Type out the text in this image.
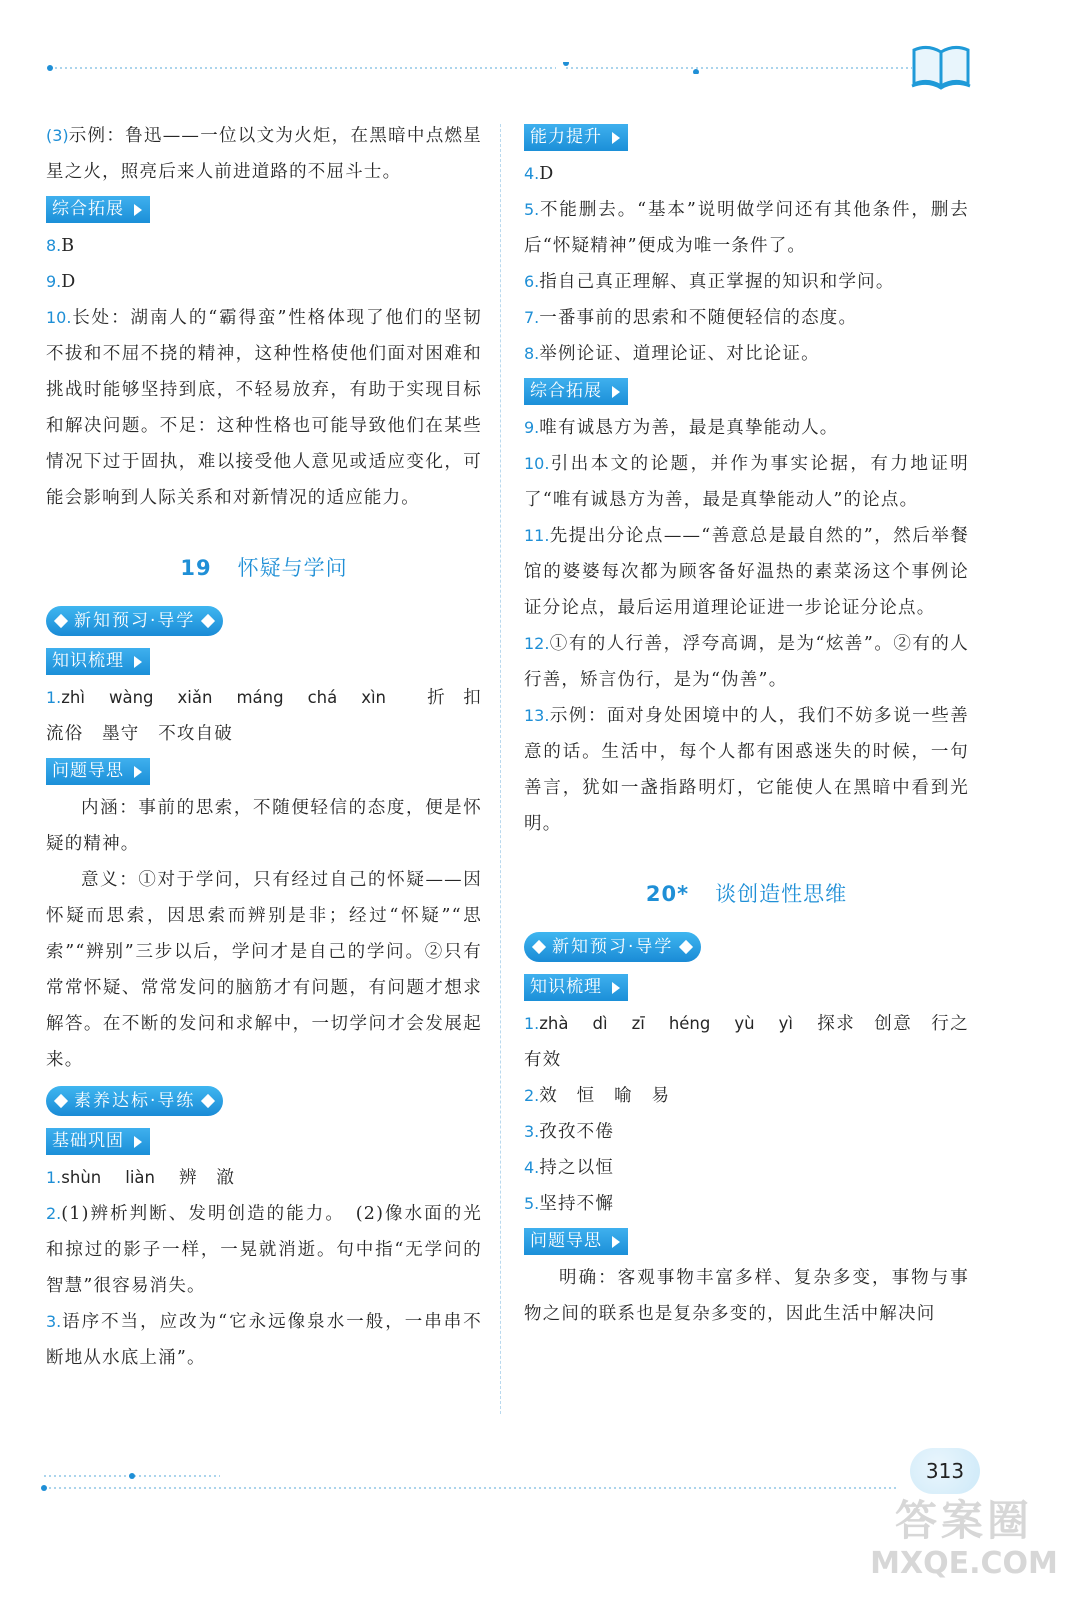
(3)示例：鲁迅——一位以文为火炬，在黑暗中点燃星星之火，照亮后来人前进道路的不屈斗士。

综合拓展

8.B

9.D

10.长处：湖南人的“霸得蛮”性格体现了他们的坚韧不拔和不屈不挠的精神，这种性格使他们面对困难和挑战时能够坚持到底，不轻易放弃，有助于实现目标和解决问题。不足：这种性格也可能导致他们在某些情况下过于固执，难以接受他人意见或适应变化，可能会影响到人际关系和对新情况的适应能力。

19 怀疑与学问
新知预习·导学

知识梳理

1.zhì wàng xiǎn máng chá xìn 折扣　流俗　墨守　不攻自破

问题导思

内涵：事前的思索，不随便轻信的态度，便是怀疑的精神。

意义：①对于学问，只有经过自己的怀疑——因怀疑而思索，因思索而辨别是非；经过“怀疑”“思索”“辨别”三步以后，学问才是自己的学问。②只有常常怀疑、常常发问的脑筋才有问题，有问题才想求解答。在不断的发问和求解中，一切学问才会发展起来。

素养达标·导练

基础巩固

1.shùn liàn 辨　澈

2.(1)辨析判断、发明创造的能力。　(2)像水面的光和掠过的影子一样，一晃就消逝。句中指“无学问的智慧”很容易消失。

3.语序不当，应改为“它永远像泉水一般，一串串不断地从水底上涌”。

能力提升

4.D

5.不能删去。“基本”说明做学问还有其他条件，删去后“怀疑精神”便成为唯一条件了。

6.指自己真正理解、真正掌握的知识和学问。

7.一番事前的思索和不随便轻信的态度。

8.举例论证、道理论证、对比论证。

综合拓展

9.唯有诚恳方为善，最是真挚能动人。

10.引出本文的论题，并作为事实论据，有力地证明了“唯有诚恳方为善，最是真挚能动人”的论点。

11.先提出分论点——“善意总是最自然的”，然后举餐馆的婆婆每次都为顾客备好温热的素菜汤这个事例论证分论点，最后运用道理论证进一步论证分论点。

12.①有的人行善，浮夸高调，是为“炫善”。②有的人行善，矫言伪行，是为“伪善”。

13.示例：面对身处困境中的人，我们不妨多说一些善意的话。生活中，每个人都有困惑迷失的时候，一句善言，犹如一盏指路明灯，它能使人在黑暗中看到光明。

20* 谈创造性思维
新知预习·导学

知识梳理

1.zhà dì zī héng yù yì 探求　创意　行之有效

2.效　恒　喻　易

3.孜孜不倦

4.持之以恒

5.坚持不懈

问题导思

明确：客观事物丰富多样、复杂多变，事物与事物之间的联系也是复杂多变的，因此生活中解决问

313
答案圈
MXQE.COM
